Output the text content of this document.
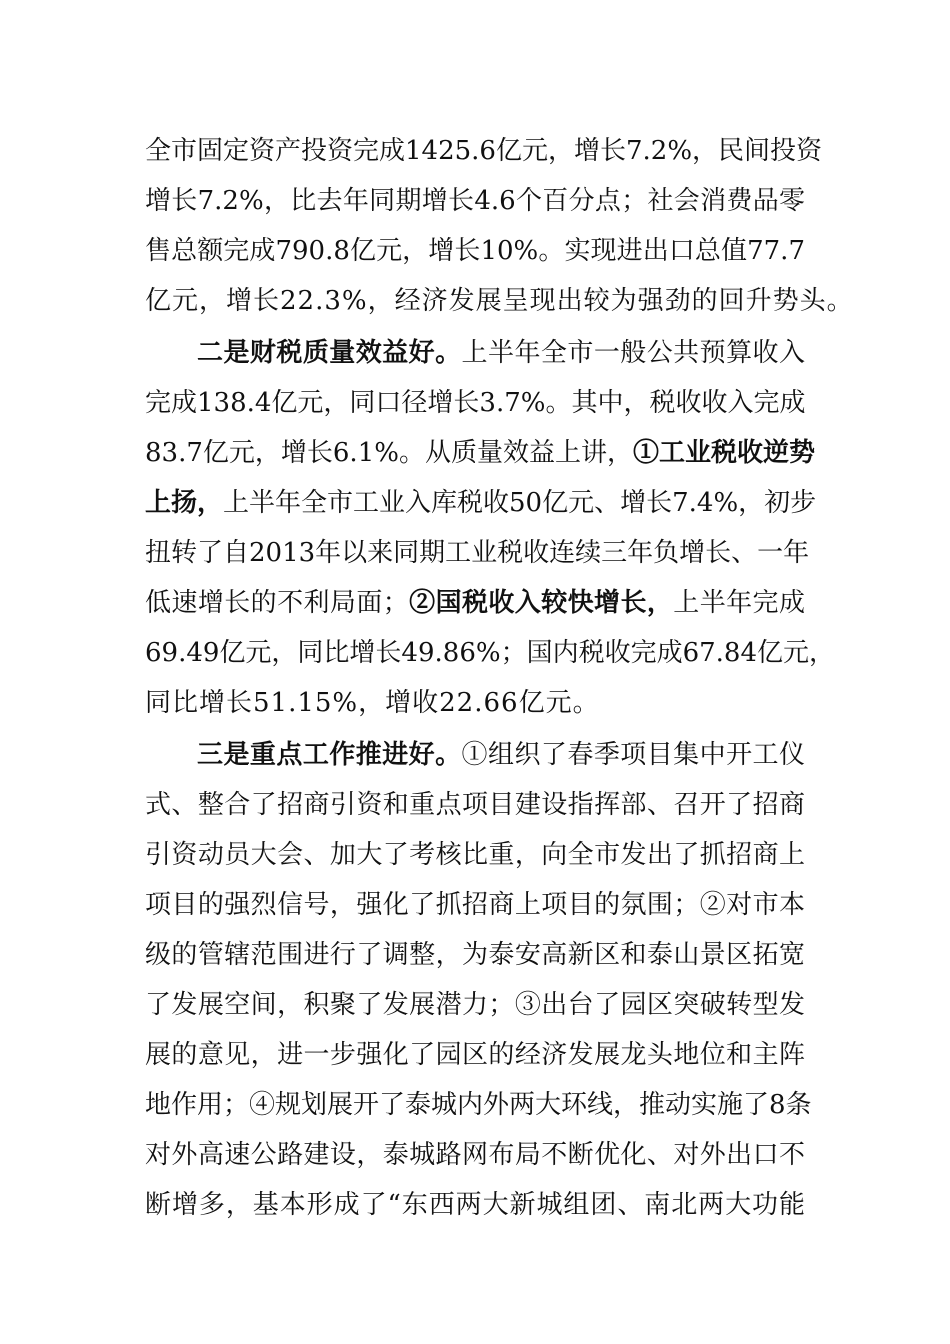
全市固定资产投资完成1425.6亿元，增长7.2%，民间投资
增长7.2%，比去年同期增长4.6个百分点；社会消费品零
售总额完成790.8亿元，增长10%。实现进出口总值77.7
亿元，增长22.3%，经济发展呈现出较为强劲的回升势头。
二是财税质量效益好。上半年全市一般公共预算收入
完成138.4亿元，同口径增长3.7%。其中，税收收入完成
83.7亿元，增长6.1%。从质量效益上讲，①工业税收逆势
上扬，上半年全市工业入库税收50亿元、增长7.4%，初步
扭转了自2013年以来同期工业税收连续三年负增长、一年
低速增长的不利局面；②国税收入较快增长，上半年完成
69.49亿元，同比增长49.86%；国内税收完成67.84亿元，
同比增长51.15%，增收22.66亿元。
三是重点工作推进好。①组织了春季项目集中开工仪
式、整合了招商引资和重点项目建设指挥部、召开了招商
引资动员大会、加大了考核比重，向全市发出了抓招商上
项目的强烈信号，强化了抓招商上项目的氛围；②对市本
级的管辖范围进行了调整，为泰安高新区和泰山景区拓宽
了发展空间，积聚了发展潜力；③出台了园区突破转型发
展的意见，进一步强化了园区的经济发展龙头地位和主阵
地作用；④规划展开了泰城内外两大环线，推动实施了8条
对外高速公路建设，泰城路网布局不断优化、对外出口不
断增多，基本形成了“东西两大新城组团、南北两大功能
